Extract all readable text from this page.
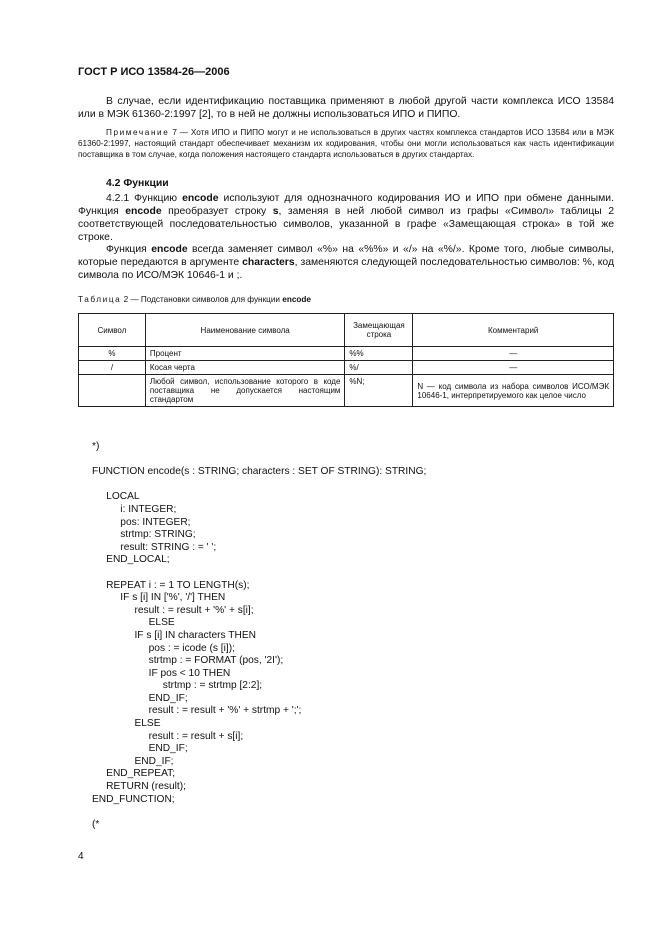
ГОСТ Р ИСО 13584-26—2006
В случае, если идентификацию поставщика применяют в любой другой части комплекса ИСО 13584 или в МЭК 61360-2:1997 [2], то в ней не должны использоваться ИПО и ПИПО.
Примечание 7 — Хотя ИПО и ПИПО могут и не использоваться в других частях комплекса стандартов ИСО 13584 или в МЭК 61360-2:1997, настоящий стандарт обеспечивает механизм их кодирования, чтобы они могли использоваться как часть идентификации поставщика в том случае, когда положения настоящего стандарта использоваться в других стандартах.
4.2 Функции
4.2.1 Функцию encode используют для однозначного кодирования ИО и ИПО при обмене данными. Функция encode преобразует строку s, заменяя в ней любой символ из графы «Символ» таблицы 2 соответствующей последовательностью символов, указанной в графе «Замещающая строка» в той же строке.
Функция encode всегда заменяет символ «%» на «%%» и «/» на «%/». Кроме того, любые символы, которые передаются в аргументе characters, заменяются следующей последовательностью символов: %, код символа по ИСО/МЭК 10646-1 и ;.
Таблица 2 — Подстановки символов для функции encode
Символ	Наименование символа	Замещающая строка	Комментарий
%	Процент	%%	—
/	Косая черта	%/	—
	Любой символ, использование которого в коде поставщика не допускается настоящим стандартом	%N;	N — код символа из набора символов ИСО/МЭК 10646-1, интерпретируемого как целое число
*)

FUNCTION encode(s : STRING; characters : SET OF STRING): STRING;

LOCAL
i: INTEGER;
pos: INTEGER;
strtmp: STRING;
result: STRING : = ' ';
END_LOCAL;

REPEAT i : = 1 TO LENGTH(s);
IF s [i] IN ['%', '/'] THEN
result : = result + '%' + s[i];
ELSE
IF s [i] IN characters THEN
pos : = icode (s [i]);
strtmp : = FORMAT (pos, '2I');
IF pos < 10 THEN
strtmp : = strtmp [2:2];
END_IF;
result : = result + '%' + strtmp + ';';
ELSE
result : = result + s[i];
END_IF;
END_IF;
END_REPEAT;
RETURN (result);
END_FUNCTION;

(*
4
